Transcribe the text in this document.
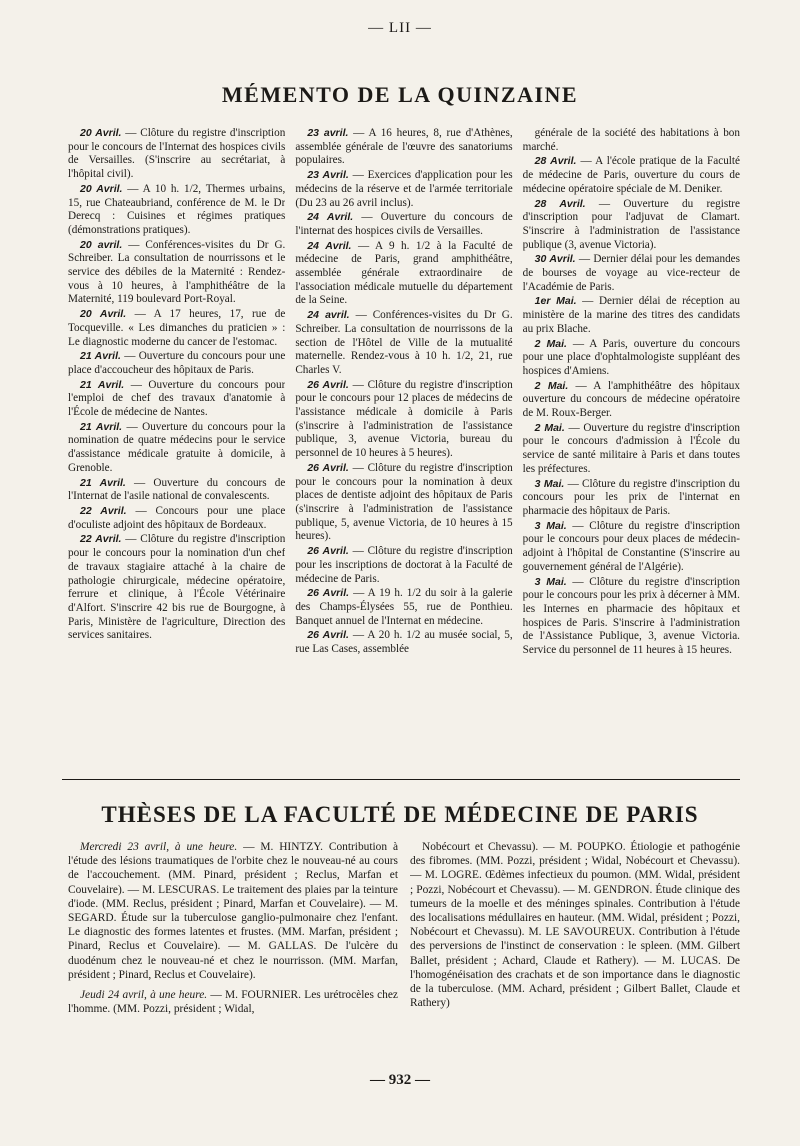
— LII —
MÉMENTO DE LA QUINZAINE

20 Avril. — Clôture du registre d'inscription pour le concours de l'Internat des hospices civils de Versailles. (S'inscrire au secrétariat, à l'hôpital civil).

20 Avril. — A 10 h. 1/2, Thermes urbains, 15, rue Chateaubriand, conférence de M. le Dr Derecq : Cuisines et régimes pratiques (démonstrations pratiques).

20 avril. — Conférences-visites du Dr G. Schreiber. La consultation de nourrissons et le service des débiles de la Maternité : Rendez-vous à 10 heures, à l'amphithéâtre de la Maternité, 119 boulevard Port-Royal.

20 Avril. — A 17 heures, 17, rue de Tocqueville. « Les dimanches du praticien » : Le diagnostic moderne du cancer de l'estomac.

21 Avril. — Ouverture du concours pour une place d'accoucheur des hôpitaux de Paris.

21 Avril. — Ouverture du concours pour l'emploi de chef des travaux d'anatomie à l'École de médecine de Nantes.

21 Avril. — Ouverture du concours pour la nomination de quatre médecins pour le service d'assistance médicale gratuite à domicile, à Grenoble.

21 Avril. — Ouverture du concours de l'Internat de l'asile national de convalescents.

22 Avril. — Concours pour une place d'oculiste adjoint des hôpitaux de Bordeaux.

22 Avril. — Clôture du registre d'inscription pour le concours pour la nomination d'un chef de travaux stagiaire attaché à la chaire de pathologie chirurgicale, médecine opératoire, ferrure et clinique, à l'École Vétérinaire d'Alfort. S'inscrire 42 bis rue de Bourgogne, à Paris, Ministère de l'agriculture, Direction des services sanitaires.

23 avril. — A 16 heures, 8, rue d'Athènes, assemblée générale de l'œuvre des sanatoriums populaires.

23 Avril. — Exercices d'application pour les médecins de la réserve et de l'armée territoriale (Du 23 au 26 avril inclus).

24 Avril. — Ouverture du concours de l'internat des hospices civils de Versailles.

24 Avril. — A 9 h. 1/2 à la Faculté de médecine de Paris, grand amphithéâtre, assemblée générale extraordinaire de l'association médicale mutuelle du département de la Seine.

24 avril. — Conférences-visites du Dr G. Schreiber. La consultation de nourrissons de la section de l'Hôtel de Ville de la mutualité maternelle. Rendez-vous à 10 h. 1/2, 21, rue Charles V.

26 Avril. — Clôture du registre d'inscription pour le concours pour 12 places de médecins de l'assistance médicale à domicile à Paris (s'inscrire à l'administration de l'assistance publique, 3, avenue Victoria, bureau du personnel de 10 heures à 5 heures).

26 Avril. — Clôture du registre d'inscription pour le concours pour la nomination à deux places de dentiste adjoint des hôpitaux de Paris (s'inscrire à l'administration de l'assistance publique, 5, avenue Victoria, de 10 heures à 15 heures).

26 Avril. — Clôture du registre d'inscription pour les inscriptions de doctorat à la Faculté de médecine de Paris.

26 Avril. — A 19 h. 1/2 du soir à la galerie des Champs-Élysées 55, rue de Ponthieu. Banquet annuel de l'Internat en médecine.

26 Avril. — A 20 h. 1/2 au musée social, 5, rue Las Cases, assemblée

générale de la société des habitations à bon marché.

28 Avril. — A l'école pratique de la Faculté de médecine de Paris, ouverture du cours de médecine opératoire spéciale de M. Deniker.

28 Avril. — Ouverture du registre d'inscription pour l'adjuvat de Clamart. S'inscrire à l'administration de l'assistance publique (3, avenue Victoria).

30 Avril. — Dernier délai pour les demandes de bourses de voyage au vice-recteur de l'Académie de Paris.

1er Mai. — Dernier délai de réception au ministère de la marine des titres des candidats au prix Blache.

2 Mai. — A Paris, ouverture du concours pour une place d'ophtalmologiste suppléant des hospices d'Amiens.

2 Mai. — A l'amphithéâtre des hôpitaux ouverture du concours de médecine opératoire de M. Roux-Berger.

2 Mai. — Ouverture du registre d'inscription pour le concours d'admission à l'École du service de santé militaire à Paris et dans toutes les préfectures.

3 Mai. — Clôture du registre d'inscription du concours pour les prix de l'internat en pharmacie des hôpitaux de Paris.

3 Mai. — Clôture du registre d'inscription pour le concours pour deux places de médecin-adjoint à l'hôpital de Constantine (S'inscrire au gouvernement général de l'Algérie).

3 Mai. — Clôture du registre d'inscription pour le concours pour les prix à décerner à MM. les Internes en pharmacie des hôpitaux et hospices de Paris. S'inscrire à l'administration de l'Assistance Publique, 3, avenue Victoria. Service du personnel de 11 heures à 15 heures.

THÈSES DE LA FACULTÉ DE MÉDECINE DE PARIS

Mercredi 23 avril, à une heure. — M. HINTZY. Contribution à l'étude des lésions traumatiques de l'orbite chez le nouveau-né au cours de l'accouchement. (MM. Pinard, président ; Reclus, Marfan et Couvelaire). — M. LESCURAS. Le traitement des plaies par la teinture d'iode. (MM. Reclus, président ; Pinard, Marfan et Couvelaire). — M. SEGARD. Étude sur la tuberculose ganglio-pulmonaire chez l'enfant. Le diagnostic des formes latentes et frustes. (MM. Marfan, président ; Pinard, Reclus et Couvelaire). — M. GALLAS. De l'ulcère du duodénum chez le nouveau-né et chez le nourrisson. (MM. Marfan, président ; Pinard, Reclus et Couvelaire).

Jeudi 24 avril, à une heure. — M. FOURNIER. Les urétrocèles chez l'homme. (MM. Pozzi, président ; Widal,

Nobécourt et Chevassu). — M. POUPKO. Étiologie et pathogénie des fibromes. (MM. Pozzi, président ; Widal, Nobécourt et Chevassu). — M. LOGRE. Œdèmes infectieux du poumon. (MM. Widal, président ; Pozzi, Nobécourt et Chevassu). — M. GENDRON. Étude clinique des tumeurs de la moelle et des méninges spinales. Contribution à l'étude des localisations médullaires en hauteur. (MM. Widal, président ; Pozzi, Nobécourt et Chevassu). M. LE SAVOUREUX. Contribution à l'étude des perversions de l'instinct de conservation : le spleen. (MM. Gilbert Ballet, président ; Achard, Claude et Rathery). — M. LUCAS. De l'homogénéisation des crachats et de son importance dans le diagnostic de la tuberculose. (MM. Achard, président ; Gilbert Ballet, Claude et Rathery)

— 932 —
